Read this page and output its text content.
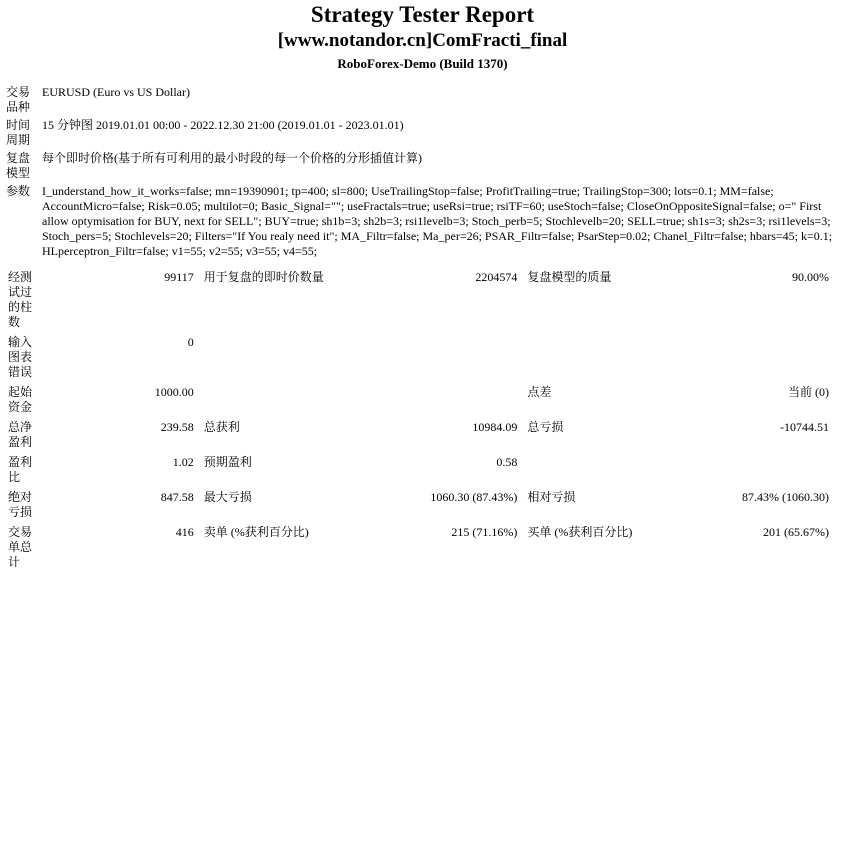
Strategy Tester Report
[www.notandor.cn]ComFracti_final
RoboForex-Demo (Build 1370)
交易品种	EURUSD (Euro vs US Dollar)				
时间周期	15 分钟图 2019.01.01 00:00 - 2022.12.30 21:00 (2019.01.01 - 2023.01.01)				
复盘模型	每个即时价格(基于所有可利用的最小时段的每一个价格的分形插值计算)				
参数	I_understand_how_it_works=false; mn=19390901; tp=400; sl=800; UseTrailingStop=false; ProfitTrailing=true; TrailingStop=300; lots=0.1; MM=false; AccountMicro=false; Risk=0.05; multilot=0; Basic_Signal=""; useFractals=true; useRsi=true; rsiTF=60; useStoch=false; CloseOnOppositeSignal=false; o=" First allow optymisation for BUY, next for SELL"; BUY=true; sh1b=3; sh2b=3; rsi1levelb=3; Stoch_perb=5; Stochlevelb=20; SELL=true; sh1s=3; sh2s=3; rsi1levels=3; Stoch_pers=5; Stochlevels=20; Filters="If You realy need it"; MA_Filtr=false; Ma_per=26; PSAR_Filtr=false; PsarStep=0.02; Chanel_Filtr=false; hbars=45; k=0.1; HLperceptron_Filtr=false; v1=55; v2=55; v3=55; v4=55;				

经测试过的柱数	99117	用于复盘的即时价数量	2204574	复盘模型的质量	90.00%
输入图表错误	0				
起始资金	1000.00			点差	当前 (0)
总净盈利	239.58	总获利	10984.09	总亏损	-10744.51
盈利比	1.02	预期盈利	0.58		
绝对亏损	847.58	最大亏损	1060.30 (87.43%)	相对亏损	87.43% (1060.30)
交易单总计	416	卖单 (%获利百分比)	215 (71.16%)	买单 (%获利百分比)	201 (65.67%)
